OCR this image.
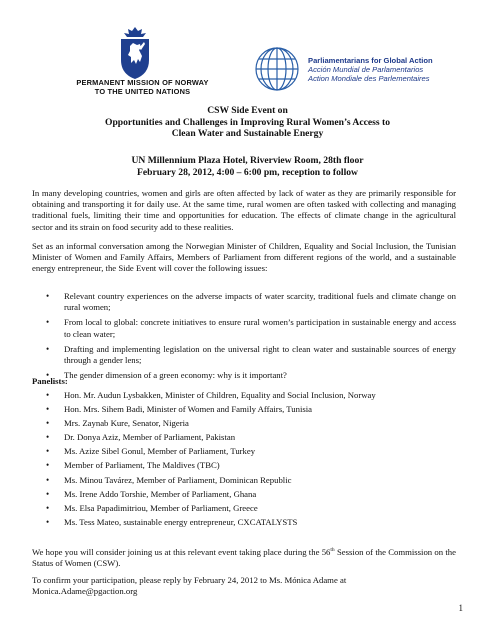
PERMANENT MISSION OF NORWAY
TO THE UNITED NATIONS
Parliamentarians for Global Action
Acción Mundial de Parlamentarios
Action Mondiale des Parlementaires
CSW Side Event on
Opportunities and Challenges in Improving Rural Women’s Access to
Clean Water and Sustainable Energy
UN Millennium Plaza Hotel, Riverview Room, 28th floor
February 28, 2012, 4:00 – 6:00 pm, reception to follow
In many developing countries, women and girls are often affected by lack of water as they are primarily responsible for obtaining and transporting it for daily use. At the same time, rural women are often tasked with collecting and managing traditional fuels, limiting their time and opportunities for education. The effects of climate change in the agricultural sector and its strain on food security add to these realities.
Set as an informal conversation among the Norwegian Minister of Children, Equality and Social Inclusion, the Tunisian Minister of Women and Family Affairs, Members of Parliament from different regions of the world, and a sustainable energy entrepreneur, the Side Event will cover the following issues:
• Relevant country experiences on the adverse impacts of water scarcity, traditional fuels and climate change on rural women;
• From local to global: concrete initiatives to ensure rural women’s participation in sustainable energy and access to clean water;
• Drafting and implementing legislation on the universal right to clean water and sustainable sources of energy through a gender lens;
• The gender dimension of a green economy: why is it important?
Panelists:
• Hon. Mr. Audun Lysbakken, Minister of Children, Equality and Social Inclusion, Norway
• Hon. Mrs. Sihem Badi, Minister of Women and Family Affairs, Tunisia
• Mrs. Zaynab Kure, Senator, Nigeria
• Dr. Donya Aziz, Member of Parliament, Pakistan
• Ms. Azize Sibel Gonul, Member of Parliament, Turkey
• Member of Parliament, The Maldives (TBC)
• Ms. Minou Tavárez, Member of Parliament, Dominican Republic
• Ms. Irene Addo Torshie, Member of Parliament, Ghana
• Ms. Elsa Papadimitriou, Member of Parliament, Greece
• Ms. Tess Mateo, sustainable energy entrepreneur, CXCATALYSTS
We hope you will consider joining us at this relevant event taking place during the 56th Session of the Commission on the Status of Women (CSW).
To confirm your participation, please reply by February 24, 2012 to Ms. Mónica Adame at
Monica.Adame@pgaction.org
1
